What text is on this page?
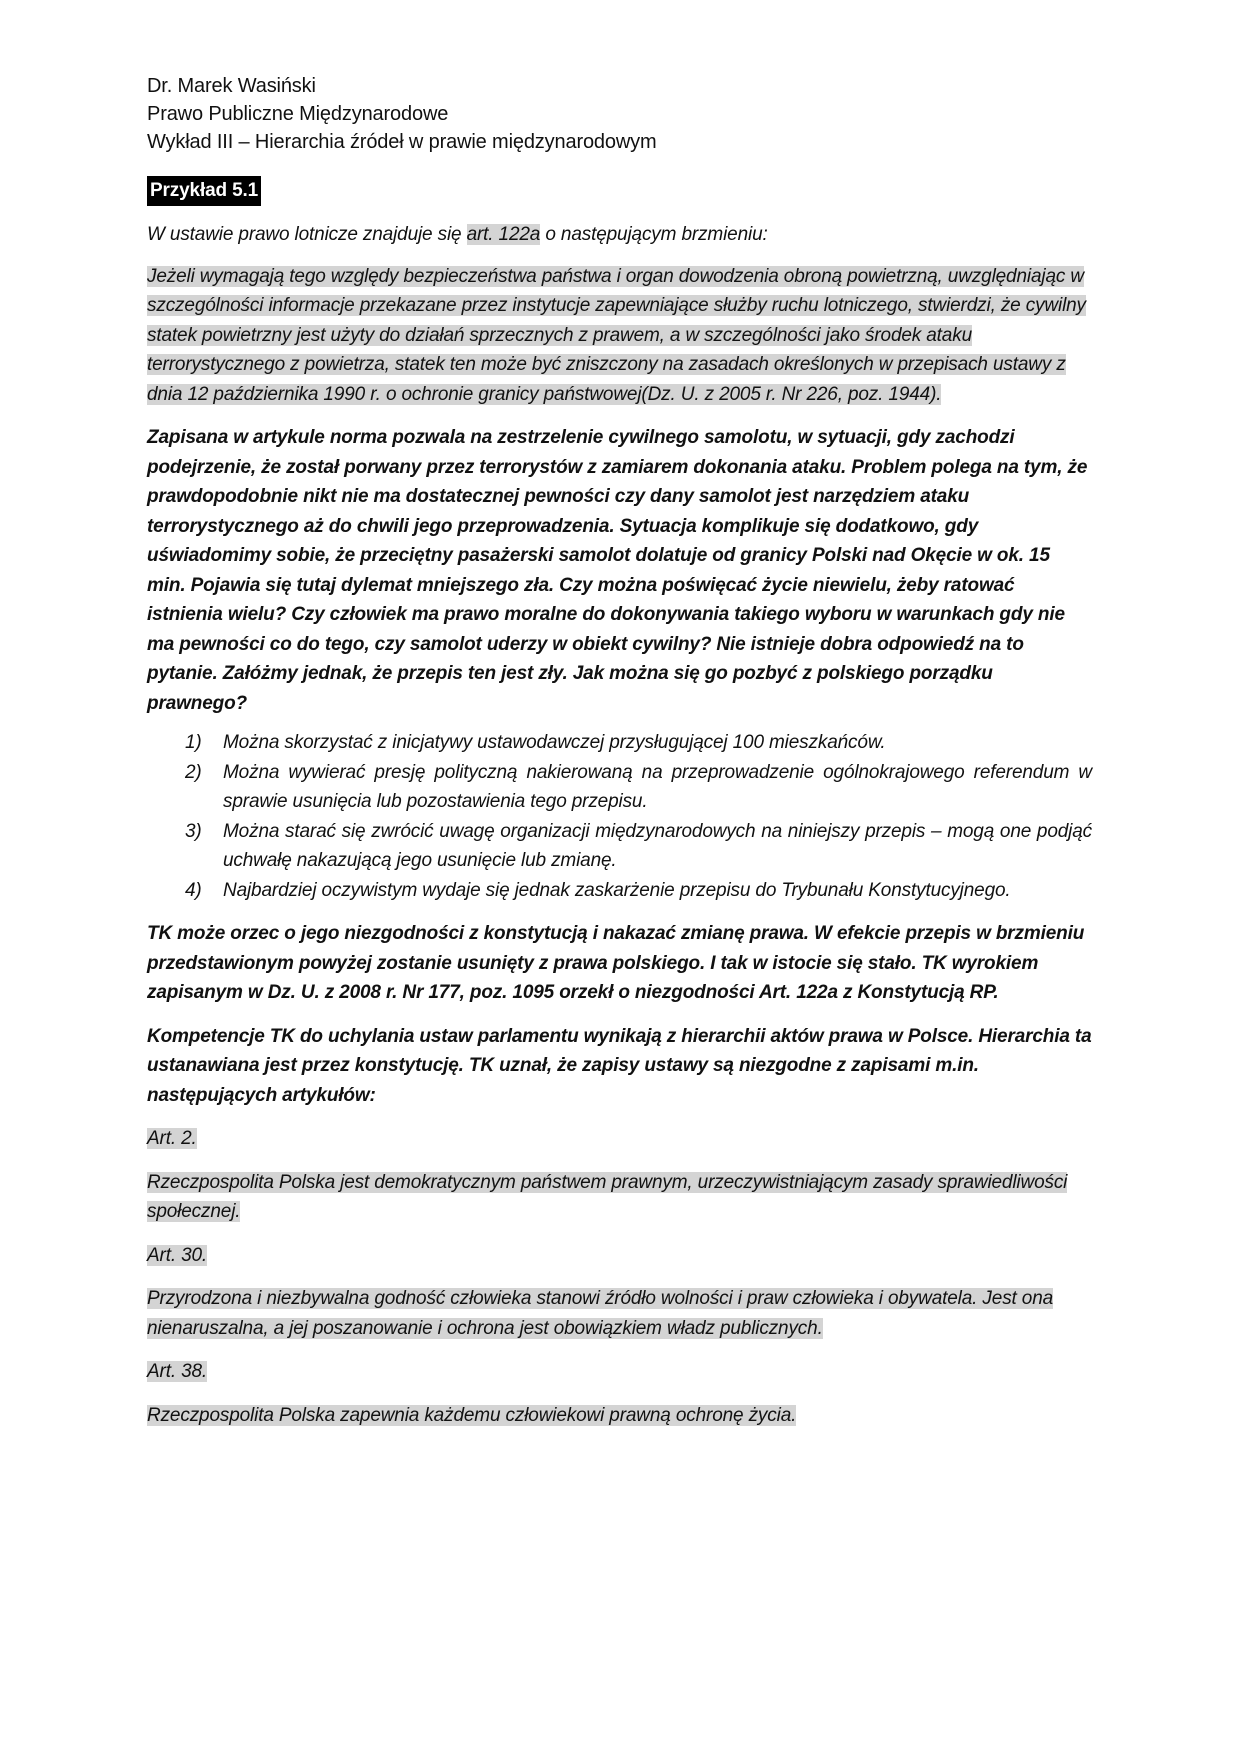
Dr. Marek Wasiński

Prawo Publiczne Międzynarodowe

Wykład III – Hierarchia źródeł w prawie międzynarodowym

Przykład 5.1

W ustawie prawo lotnicze znajduje się art. 122a o następującym brzmieniu:

Jeżeli wymagają tego względy bezpieczeństwa państwa i organ dowodzenia obroną powietrzną, uwzględniając w szczególności informacje przekazane przez instytucje zapewniające służby ruchu lotniczego, stwierdzi, że cywilny statek powietrzny jest użyty do działań sprzecznych z prawem, a w szczególności jako środek ataku terrorystycznego z powietrza, statek ten może być zniszczony na zasadach określonych w przepisach ustawy z dnia 12 października 1990 r. o ochronie granicy państwowej(Dz. U. z 2005 r. Nr 226, poz. 1944).

Zapisana w artykule norma pozwala na zestrzelenie cywilnego samolotu, w sytuacji, gdy zachodzi podejrzenie, że został porwany przez terrorystów z zamiarem dokonania ataku. Problem polega na tym, że prawdopodobnie nikt nie ma dostatecznej pewności czy dany samolot jest narzędziem ataku terrorystycznego aż do chwili jego przeprowadzenia. Sytuacja komplikuje się dodatkowo, gdy uświadomimy sobie, że przeciętny pasażerski samolot dolatuje od granicy Polski nad Okęcie w ok. 15 min. Pojawia się tutaj dylemat mniejszego zła. Czy można poświęcać życie niewielu, żeby ratować istnienia wielu? Czy człowiek ma prawo moralne do dokonywania takiego wyboru w warunkach gdy nie ma pewności co do tego, czy samolot uderzy w obiekt cywilny? Nie istnieje dobra odpowiedź na to pytanie. Załóżmy jednak, że przepis ten jest zły. Jak można się go pozbyć z polskiego porządku prawnego?

1) Można skorzystać z inicjatywy ustawodawczej przysługującej 100 mieszkańców.
2) Można wywierać presję polityczną nakierowaną na przeprowadzenie ogólnokrajowego referendum w sprawie usunięcia lub pozostawienia tego przepisu.
3) Można starać się zwrócić uwagę organizacji międzynarodowych na niniejszy przepis – mogą one podjąć uchwałę nakazującą jego usunięcie lub zmianę.
4) Najbardziej oczywistym wydaje się jednak zaskarżenie przepisu do Trybunału Konstytucyjnego.

TK może orzec o jego niezgodności z konstytucją i nakazać zmianę prawa. W efekcie przepis w brzmieniu przedstawionym powyżej zostanie usunięty z prawa polskiego. I tak w istocie się stało. TK wyrokiem zapisanym w Dz. U. z 2008 r. Nr 177, poz. 1095 orzekł o niezgodności Art. 122a z Konstytucją RP.

Kompetencje TK do uchylania ustaw parlamentu wynikają z hierarchii aktów prawa w Polsce. Hierarchia ta ustanawiana jest przez konstytucję. TK uznał, że zapisy ustawy są niezgodne z zapisami m.in. następujących artykułów:

Art. 2.

Rzeczpospolita Polska jest demokratycznym państwem prawnym, urzeczywistniającym zasady sprawiedliwości społecznej.

Art. 30.

Przyrodzona i niezbywalna godność człowieka stanowi źródło wolności i praw człowieka i obywatela. Jest ona nienaruszalna, a jej poszanowanie i ochrona jest obowiązkiem władz publicznych.

Art. 38.

Rzeczpospolita Polska zapewnia każdemu człowiekowi prawną ochronę życia.
